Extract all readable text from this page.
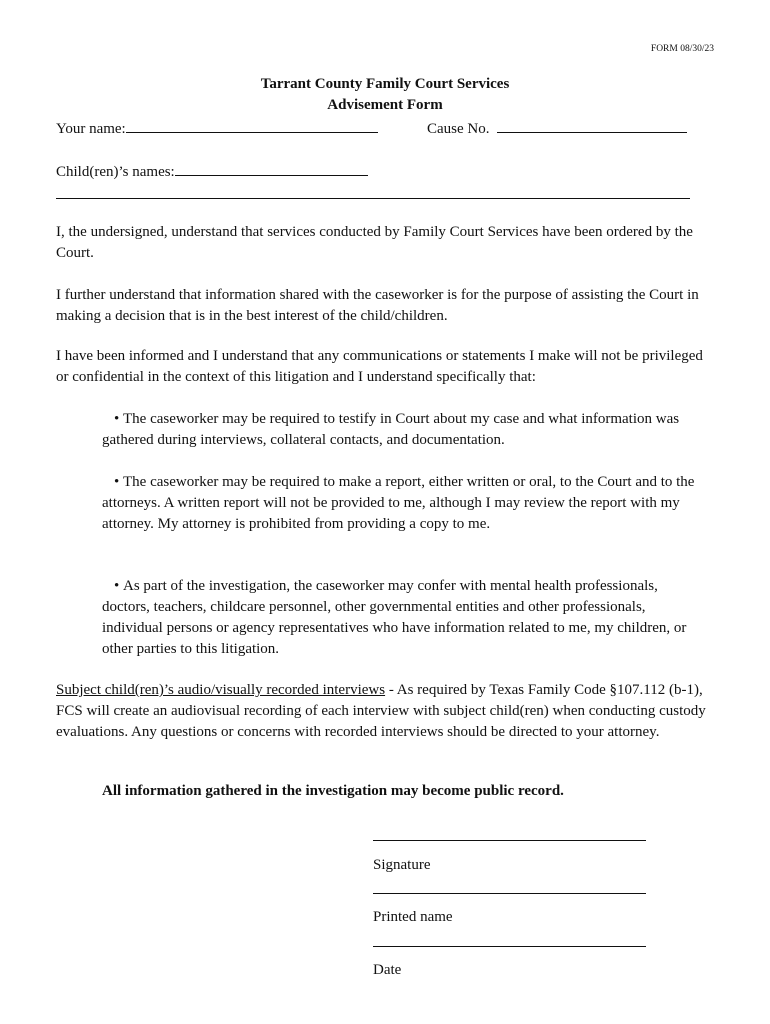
FORM 08/30/23
Tarrant County Family Court Services
Advisement Form
Your name:	Cause No.
Child(ren)’s names:
I, the undersigned, understand that services conducted by Family Court Services have been ordered by the Court.
I further understand that information shared with the caseworker is for the purpose of assisting the Court in making a decision that is in the best interest of the child/children.
I have been informed and I understand that any communications or statements I make will not be privileged or confidential in the context of this litigation and I understand specifically that:
• The caseworker may be required to testify in Court about my case and what information was gathered during interviews, collateral contacts, and documentation.
• The caseworker may be required to make a report, either written or oral, to the Court and to the attorneys. A written report will not be provided to me, although I may review the report with my attorney. My attorney is prohibited from providing a copy to me.
• As part of the investigation, the caseworker may confer with mental health professionals, doctors, teachers, childcare personnel, other governmental entities and other professionals, individual persons or agency representatives who have information related to me, my children, or other parties to this litigation.
Subject child(ren)’s audio/visually recorded interviews - As required by Texas Family Code §107.112 (b-1), FCS will create an audiovisual recording of each interview with subject child(ren) when conducting custody evaluations. Any questions or concerns with recorded interviews should be directed to your attorney.
All information gathered in the investigation may become public record.
Signature
Printed name
Date
